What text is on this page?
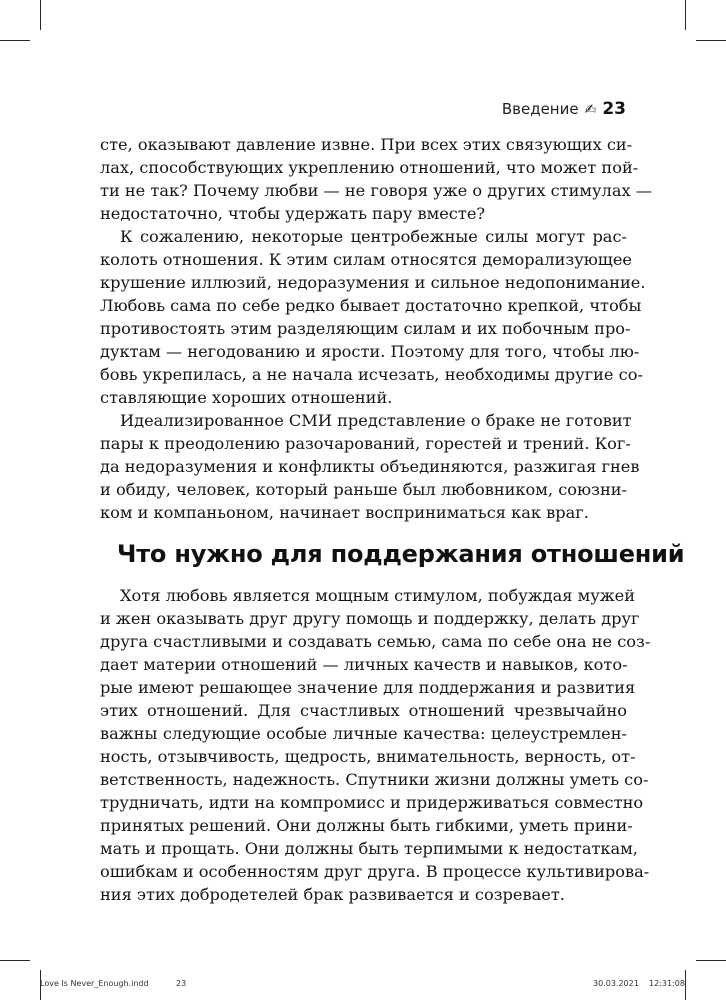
Введение ✍︎ 23

сте, оказывают давление извне. При всех этих связующих си-
лах, способствующих укреплению отношений, что может пой-
ти не так? Почему любви — не говоря уже о других стимулах —
недостаточно, чтобы удержать пару вместе?

К сожалению, некоторые центробежные силы могут рас-
колоть отношения. К этим силам относятся деморализующее
крушение иллюзий, недоразумения и сильное недопонимание.
Любовь сама по себе редко бывает достаточно крепкой, чтобы
противостоять этим разделяющим силам и их побочным про-
дуктам — негодованию и ярости. Поэтому для того, чтобы лю-
бовь укрепилась, а не начала исчезать, необходимы другие со-
ставляющие хороших отношений.

Идеализированное СМИ представление о браке не готовит
пары к преодолению разочарований, горестей и трений. Ког-
да недоразумения и конфликты объединяются, разжигая гнев
и обиду, человек, который раньше был любовником, союзни-
ком и компаньоном, начинает восприниматься как враг.

Что нужно для поддержания отношений

Хотя любовь является мощным стимулом, побуждая мужей
и жен оказывать друг другу помощь и поддержку, делать друг
друга счастливыми и создавать семью, сама по себе она не соз-
дает материи отношений — личных качеств и навыков, кото-
рые имеют решающее значение для поддержания и развития
этих отношений. Для счастливых отношений чрезвычайно
важны следующие особые личные качества: целеустремлен-
ность, отзывчивость, щедрость, внимательность, верность, от-
ветственность, надежность. Спутники жизни должны уметь со-
трудничать, идти на компромисс и придерживаться совместно
принятых решений. Они должны быть гибкими, уметь прини-
мать и прощать. Они должны быть терпимыми к недостаткам,
ошибкам и особенностям друг друга. В процессе культивирова-
ния этих добродетелей брак развивается и созревает.

Love Is Never_Enough.indd	23	30.03.2021 12:31:08
